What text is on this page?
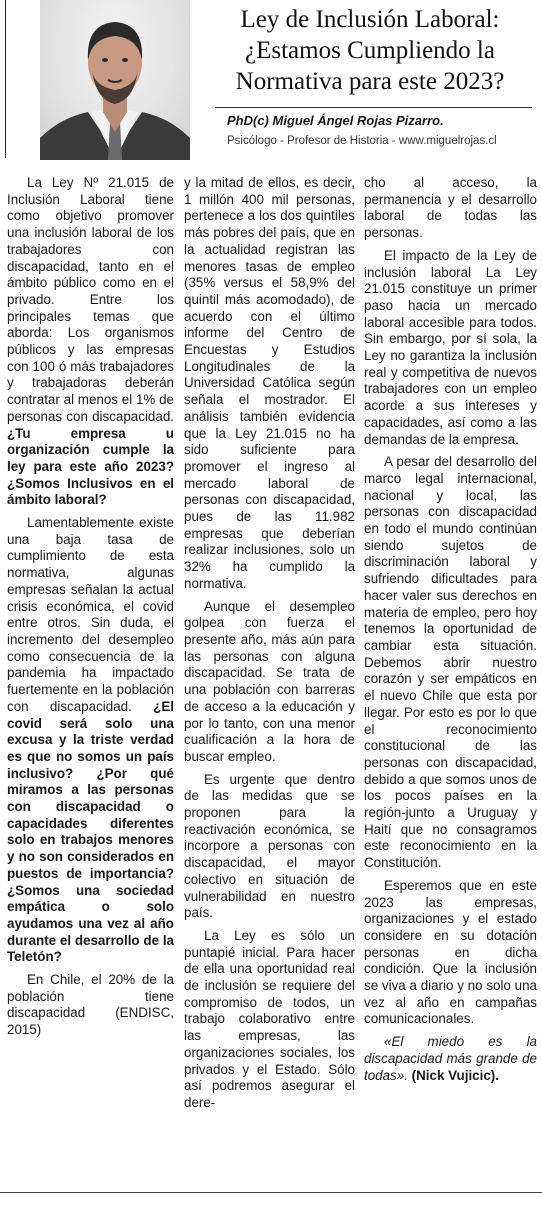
Ley de Inclusión Laboral: ¿Estamos Cumpliendo la Normativa para este 2023?
PhD(c) Miguel Ángel Rojas Pizarro.
Psicólogo - Profesor de Historia - www.miguelrojas.cl

La Ley Nº 21.015 de Inclusión Laboral tiene como objetivo promover una inclusión laboral de los trabajadores con discapacidad, tanto en el ámbito público como en el privado. Entre los principales temas que aborda: Los organismos públicos y las empresas con 100 ó más trabajadores y trabajadoras deberán contratar al menos el 1% de personas con discapacidad. ¿Tu empresa u organización cumple la ley para este año 2023? ¿Somos Inclusivos en el ámbito laboral?

Lamentablemente existe una baja tasa de cumplimiento de esta normativa, algunas empresas señalan la actual crisis económica, el covid entre otros. Sin duda, el incremento del desempleo como consecuencia de la pandemia ha impactado fuertemente en la población con discapacidad. ¿El covid será solo una excusa y la triste verdad es que no somos un país inclusivo? ¿Por qué miramos a las personas con discapacidad o capacidades diferentes solo en trabajos menores y no son considerados en puestos de importancia? ¿Somos una sociedad empática o solo ayudamos una vez al año durante el desarrollo de la Teletón?

En Chile, el 20% de la población tiene discapacidad (ENDISC, 2015)

y la mitad de ellos, es decir, 1 millón 400 mil personas, pertenece a los dos quintiles más pobres del país, que en la actualidad registran las menores tasas de empleo (35% versus el 58,9% del quintil más acomodado), de acuerdo con el último informe del Centro de Encuestas y Estudios Longitudinales de la Universidad Católica según señala el mostrador. El análisis también evidencia que la Ley 21.015 no ha sido suficiente para promover el ingreso al mercado laboral de personas con discapacidad, pues de las 11.982 empresas que deberían realizar inclusiones, solo un 32% ha cumplido la normativa.

Aunque el desempleo golpea con fuerza el presente año, más aún para las personas con alguna discapacidad. Se trata de una población con barreras de acceso a la educación y por lo tanto, con una menor cualificación a la hora de buscar empleo.

Es urgente que dentro de las medidas que se proponen para la reactivación económica, se incorpore a personas con discapacidad, el mayor colectivo en situación de vulnerabilidad en nuestro país.

La Ley es sólo un puntapié inicial. Para hacer de ella una oportunidad real de inclusión se requiere del compromiso de todos, un trabajo colaborativo entre las empresas, las organizaciones sociales, los privados y el Estado. Sólo así podremos asegurar el dere-

cho al acceso, la permanencia y el desarrollo laboral de todas las personas.

El impacto de la Ley de inclusión laboral La Ley 21.015 constituye un primer paso hacia un mercado laboral accesible para todos. Sin embargo, por sí sola, la Ley no garantiza la inclusión real y competitiva de nuevos trabajadores con un empleo acorde a sus intereses y capacidades, así como a las demandas de la empresa.

A pesar del desarrollo del marco legal internacional, nacional y local, las personas con discapacidad en todo el mundo continúan siendo sujetos de discriminación laboral y sufriendo dificultades para hacer valer sus derechos en materia de empleo, pero hoy tenemos la oportunidad de cambiar esta situación. Debemos abrir nuestro corazón y ser empáticos en el nuevo Chile que esta por llegar. Por esto es por lo que el reconocimiento constitucional de las personas con discapacidad, debido a que somos unos de los pocos países en la región-junto a Uruguay y Haití que no consagramos este reconocimiento en la Constitución.

Esperemos que en este 2023 las empresas, organizaciones y el estado considere en su dotación personas en dicha condición. Que la inclusión se viva a diario y no solo una vez al año en campañas comunicacionales.

«El miedo es la discapacidad más grande de todas». (Nick Vujicic).
